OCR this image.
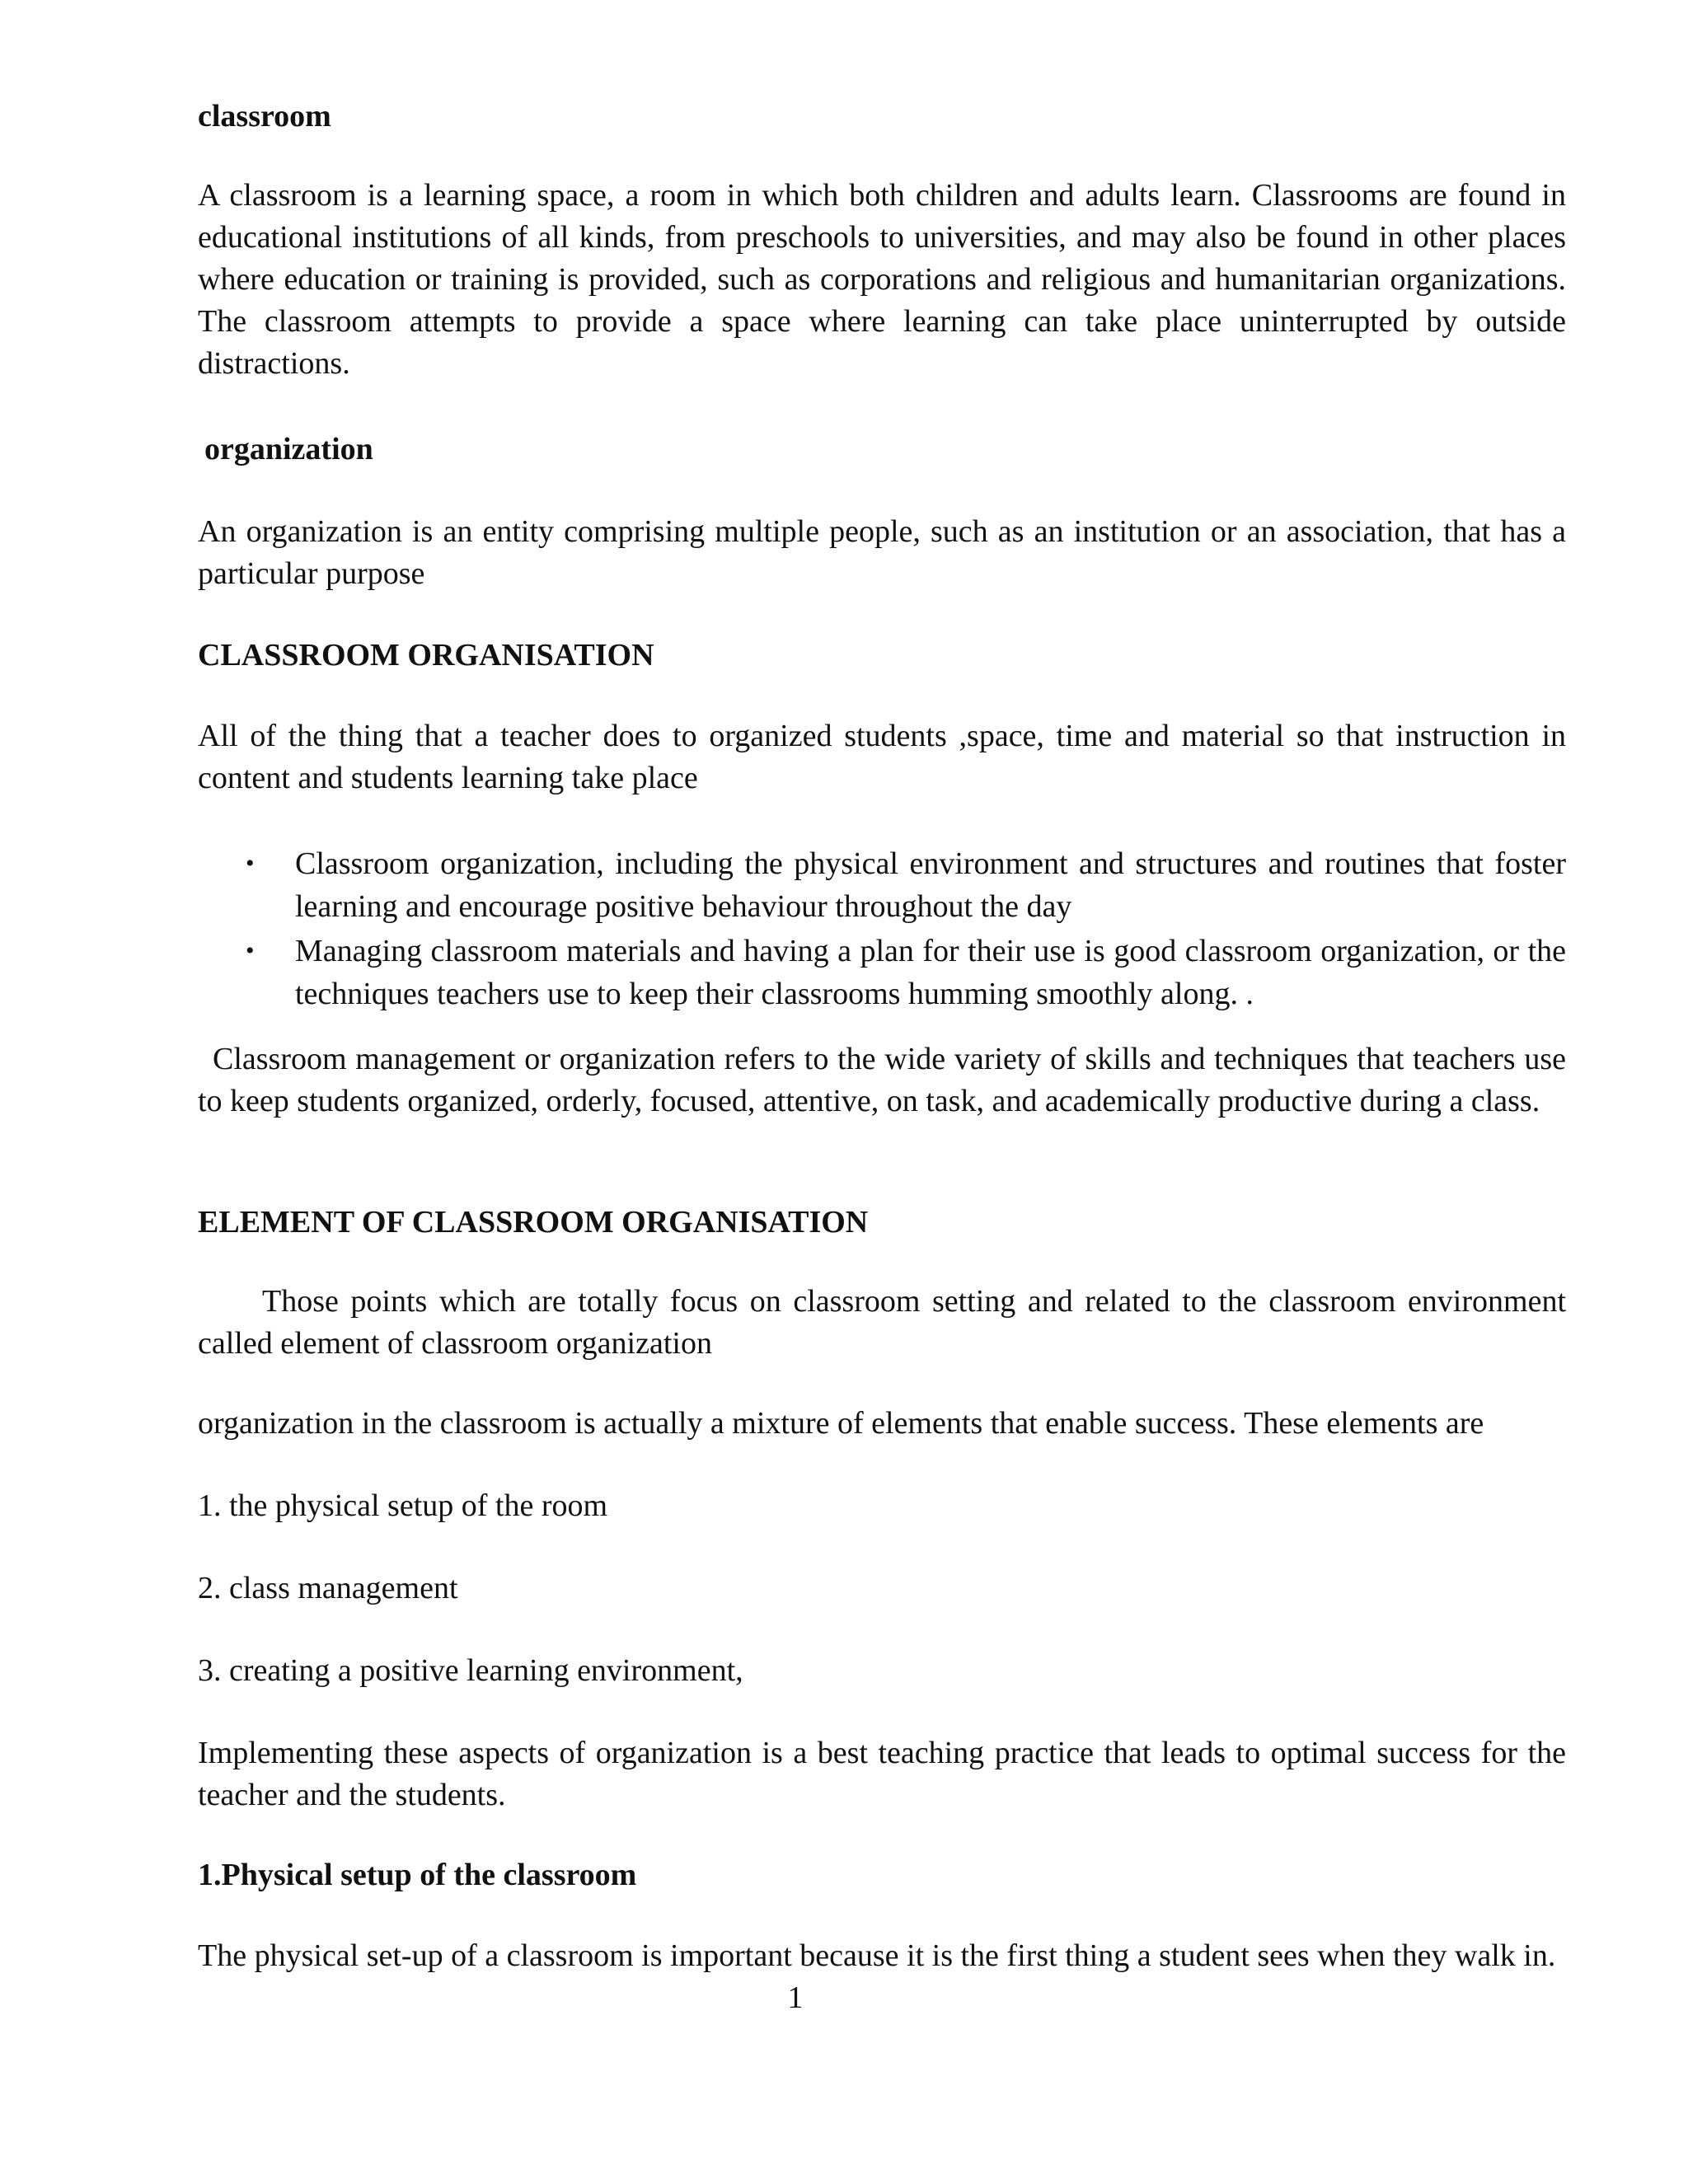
classroom
A classroom is a learning space, a room in which both children and adults learn. Classrooms are found in educational institutions of all kinds, from preschools to universities, and may also be found in other places where education or training is provided, such as corporations and religious and humanitarian organizations. The classroom attempts to provide a space where learning can take place uninterrupted by outside distractions.
organization
An organization is an entity comprising multiple people, such as an institution or an association, that has a particular purpose
CLASSROOM ORGANISATION
All of the thing that a teacher does to organized students ,space, time and material so that instruction in content and students learning take place
• Classroom organization, including the physical environment and structures and routines that foster learning and encourage positive behaviour throughout the day
• Managing classroom materials and having a plan for their use is good classroom organization, or the techniques teachers use to keep their classrooms humming smoothly along. .
Classroom management or organization refers to the wide variety of skills and techniques that teachers use to keep students organized, orderly, focused, attentive, on task, and academically productive during a class.
ELEMENT OF CLASSROOM ORGANISATION
Those points which are totally focus on classroom setting and related to the classroom environment called element of classroom organization
organization in the classroom is actually a mixture of elements that enable success. These elements are
1. the physical setup of the room
2. class management
3. creating a positive learning environment,
Implementing these aspects of organization is a best teaching practice that leads to optimal success for the teacher and the students.
1.Physical setup of the classroom
The physical set-up of a classroom is important because it is the first thing a student sees when they walk in.
1
